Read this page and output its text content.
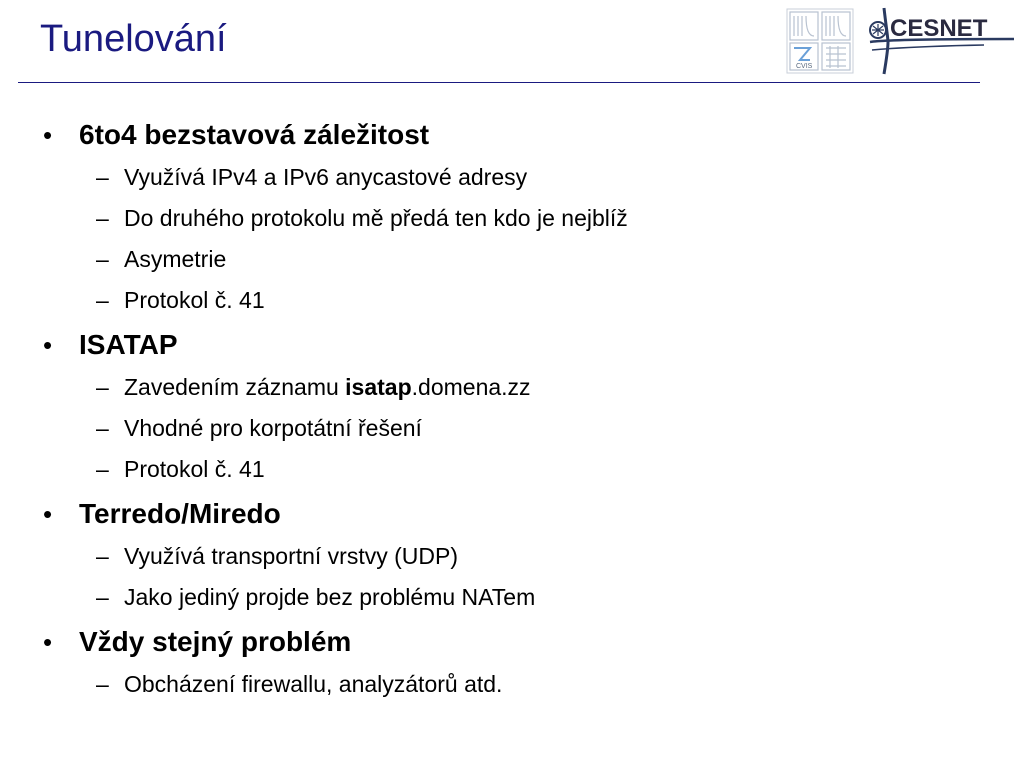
Tunelování
CVIS
CESNET
• 6to4 bezstavová záležitost
– Využívá IPv4 a IPv6 anycastové adresy
– Do druhého protokolu mě předá ten kdo je nejblíž
– Asymetrie
– Protokol č. 41
• ISATAP
– Zavedením záznamu isatap.domena.zz
– Vhodné pro korpotátní řešení
– Protokol č. 41
• Terredo/Miredo
– Využívá transportní vrstvy (UDP)
– Jako jediný projde bez problému NATem
• Vždy stejný problém
– Obcházení firewallu, analyzátorů atd.
